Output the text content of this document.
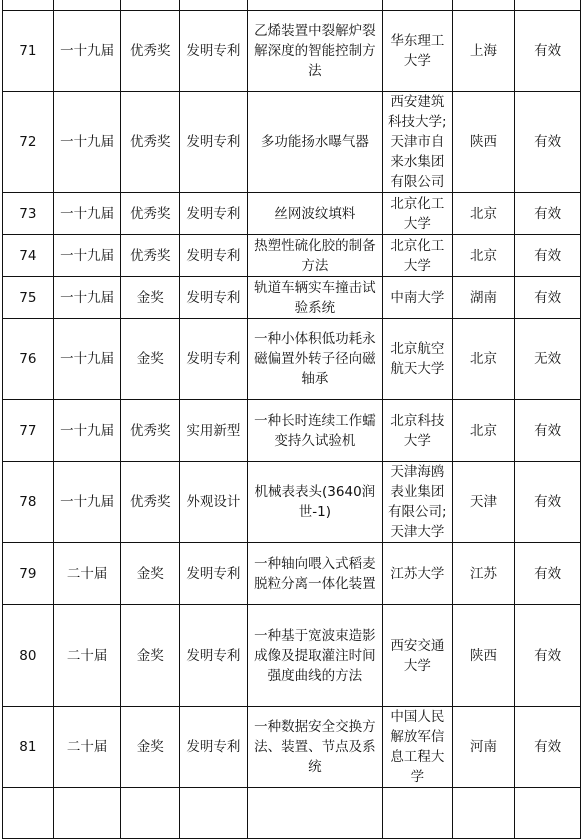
71	一十九届	优秀奖	发明专利	乙烯装置中裂解炉裂解深度的智能控制方法	华东理工大学	上海	有效
72	一十九届	优秀奖	发明专利	多功能扬水曝气器	西安建筑科技大学;天津市自来水集团有限公司	陕西	有效
73	一十九届	优秀奖	发明专利	丝网波纹填料	北京化工大学	北京	有效
74	一十九届	优秀奖	发明专利	热塑性硫化胶的制备方法	北京化工大学	北京	有效
75	一十九届	金奖	发明专利	轨道车辆实车撞击试验系统	中南大学	湖南	有效
76	一十九届	金奖	发明专利	一种小体积低功耗永磁偏置外转子径向磁轴承	北京航空航天大学	北京	无效
77	一十九届	优秀奖	实用新型	一种长时连续工作蠕变持久试验机	北京科技大学	北京	有效
78	一十九届	优秀奖	外观设计	机械表表头(3640润世-1)	天津海鸥表业集团有限公司;天津大学	天津	有效
79	二十届	金奖	发明专利	一种轴向喂入式稻麦脱粒分离一体化装置	江苏大学	江苏	有效
80	二十届	金奖	发明专利	一种基于宽波束造影成像及提取灌注时间强度曲线的方法	西安交通大学	陕西	有效
81	二十届	金奖	发明专利	一种数据安全交换方法、装置、节点及系统	中国人民解放军信息工程大学	河南	有效
